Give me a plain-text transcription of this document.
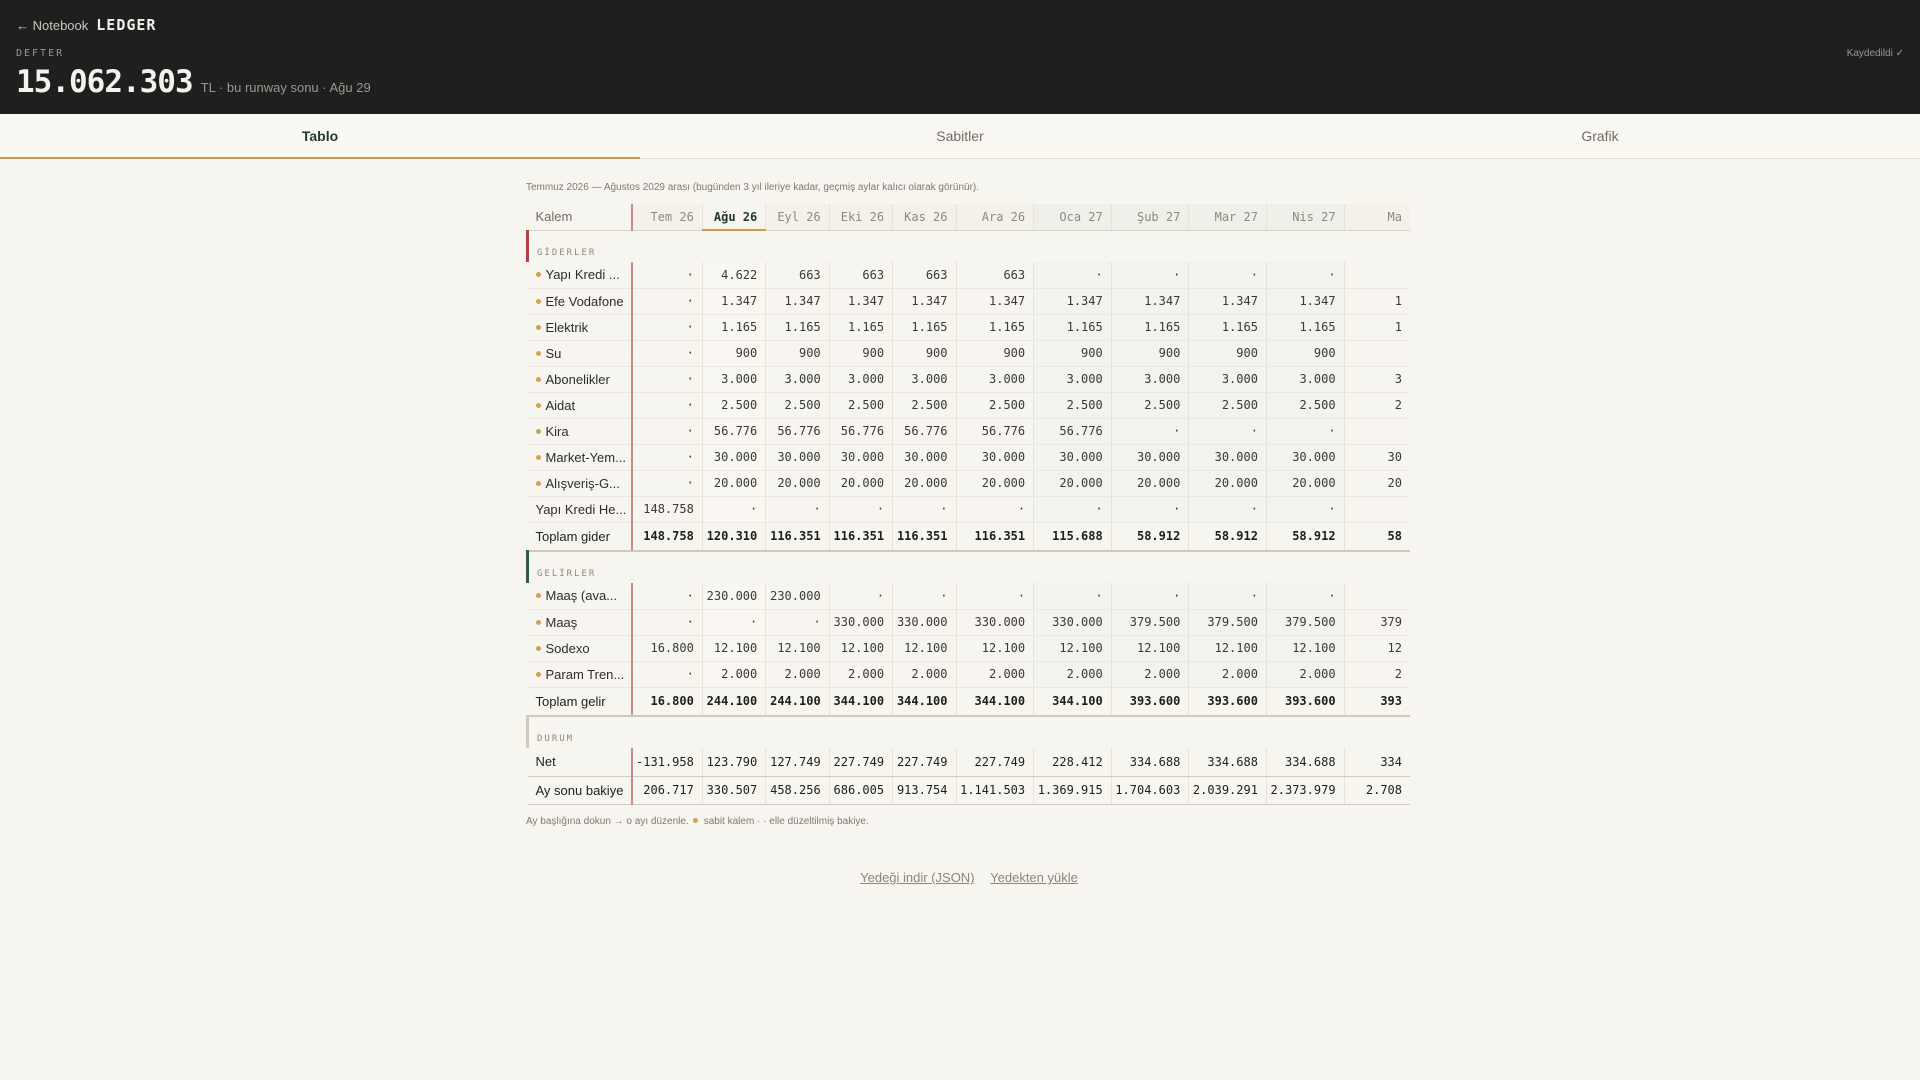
← Notebook LEDGER
DEFTER
15.062.303 TL · bu runway sonu · Ağu 29
Kaydedildi ✓
Tablo	Sabitler	Grafik
Temmuz 2026 — Ağustos 2029 arası (bugünden 3 yıl ileriye kadar, geçmiş aylar kalıcı olarak görünür).
Kalem	Tem 26	Ağu 26	Eyl 26	Eki 26	Kas 26	Ara 26	Oca 27	Şub 27	Mar 27	Nis 27	Ma
GİDERLER											
Yapı Kredi ...	·	4.622	663	663	663	663	·	·	·	·	
Efe Vodafone	·	1.347	1.347	1.347	1.347	1.347	1.347	1.347	1.347	1.347	1
Elektrik	·	1.165	1.165	1.165	1.165	1.165	1.165	1.165	1.165	1.165	1
Su	·	900	900	900	900	900	900	900	900	900	
Abonelikler	·	3.000	3.000	3.000	3.000	3.000	3.000	3.000	3.000	3.000	3
Aidat	·	2.500	2.500	2.500	2.500	2.500	2.500	2.500	2.500	2.500	2
Kira	·	56.776	56.776	56.776	56.776	56.776	56.776	·	·	·	
Market-Yem...	·	30.000	30.000	30.000	30.000	30.000	30.000	30.000	30.000	30.000	30
Alışveriş-G...	·	20.000	20.000	20.000	20.000	20.000	20.000	20.000	20.000	20.000	20
Yapı Kredi He...	148.758	·	·	·	·	·	·	·	·	·	
Toplam gider	148.758	120.310	116.351	116.351	116.351	116.351	115.688	58.912	58.912	58.912	58
GELİRLER											
Maaş (ava...	·	230.000	230.000	·	·	·	·	·	·	·	
Maaş	·	·	·	330.000	330.000	330.000	330.000	379.500	379.500	379.500	379
Sodexo	16.800	12.100	12.100	12.100	12.100	12.100	12.100	12.100	12.100	12.100	12
Param Tren...	·	2.000	2.000	2.000	2.000	2.000	2.000	2.000	2.000	2.000	2
Toplam gelir	16.800	244.100	244.100	344.100	344.100	344.100	344.100	393.600	393.600	393.600	393
DURUM											
Net	-131.958	123.790	127.749	227.749	227.749	227.749	228.412	334.688	334.688	334.688	334
Ay sonu bakiye	206.717	330.507	458.256	686.005	913.754	1.141.503	1.369.915	1.704.603	2.039.291	2.373.979	2.708
Ay başlığına dokun → o ayı düzenle. sabit kalem · · elle düzeltilmiş bakiye.
Yedeği indir (JSON) Yedekten yükle
